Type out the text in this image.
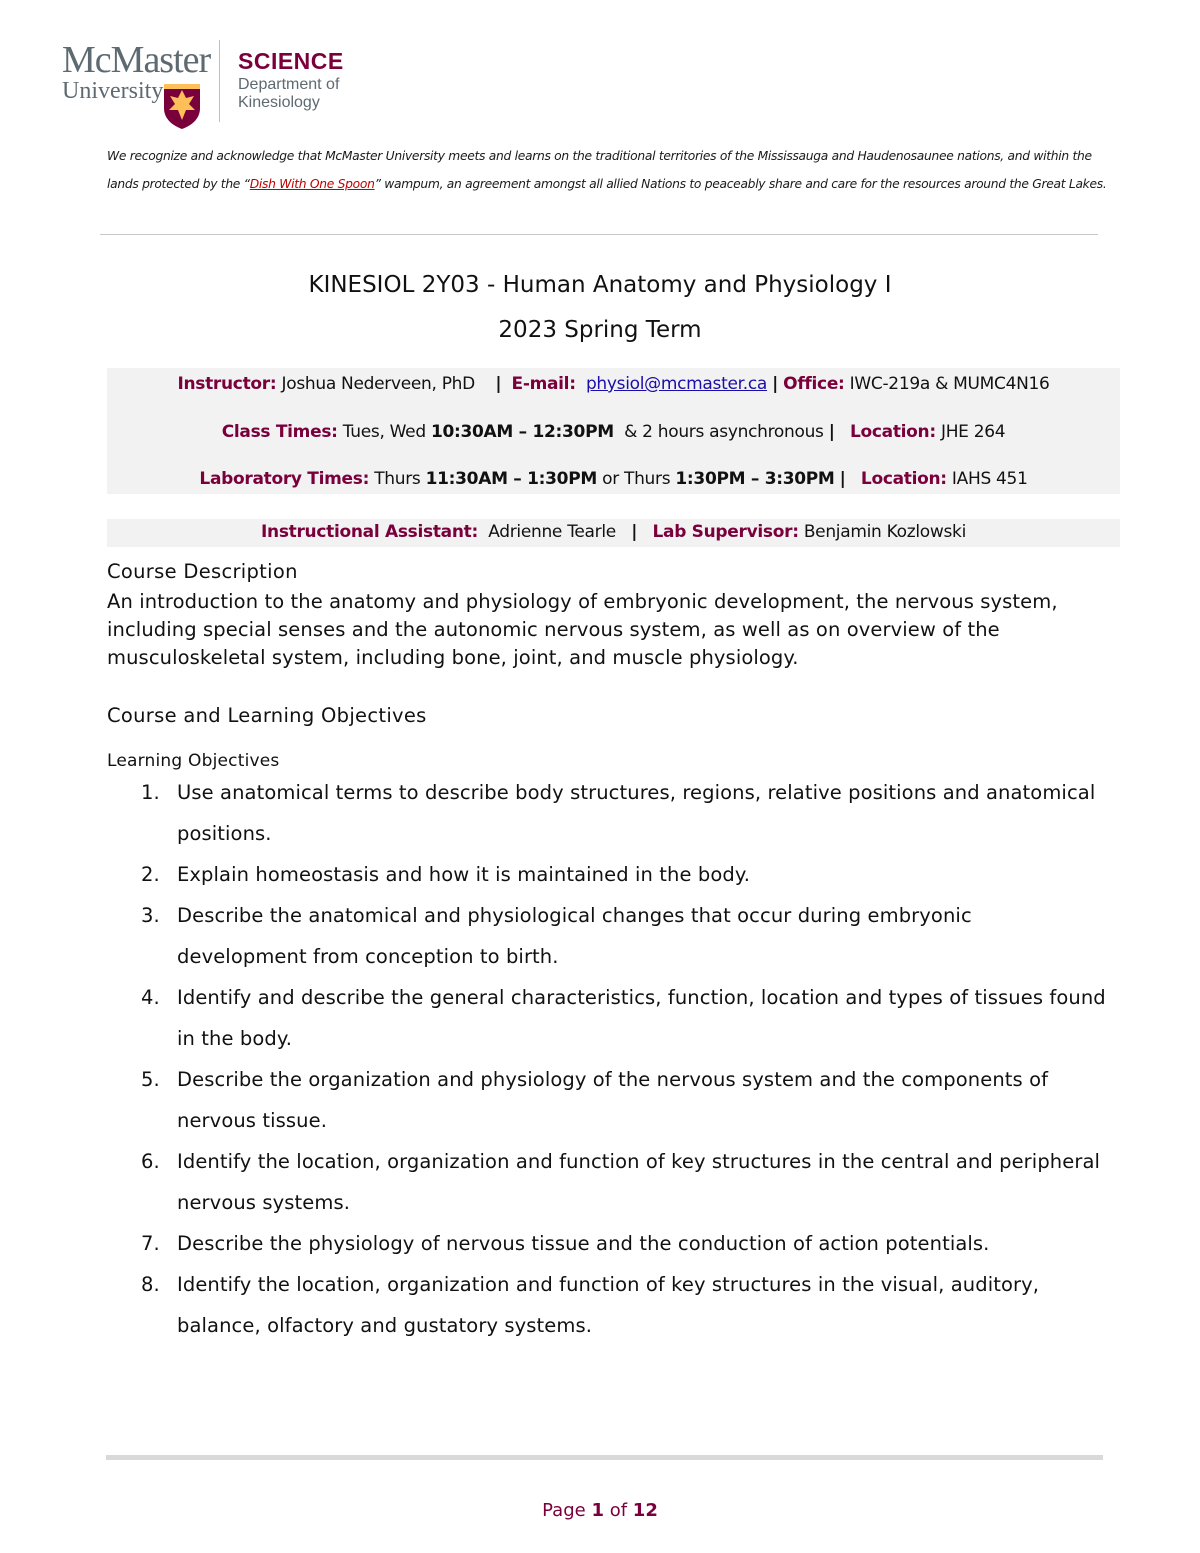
McMaster
University
SCIENCE
Department of Kinesiology
We recognize and acknowledge that McMaster University meets and learns on the traditional territories of the Mississauga and Haudenosaunee nations, and within the lands protected by the “Dish With One Spoon” wampum, an agreement amongst all allied Nations to peaceably share and care for the resources around the Great Lakes.
KINESIOL 2Y03 - Human Anatomy and Physiology I
2023 Spring Term
Instructor: Joshua Nederveen, PhD | E-mail: physiol@mcmaster.ca | Office: IWC-219a & MUMC4N16
Class Times: Tues, Wed 10:30AM – 12:30PM & 2 hours asynchronous | Location: JHE 264
Laboratory Times: Thurs 11:30AM – 1:30PM or Thurs 1:30PM – 3:30PM | Location: IAHS 451
Instructional Assistant: Adrienne Tearle | Lab Supervisor: Benjamin Kozlowski
Course Description
An introduction to the anatomy and physiology of embryonic development, the nervous system, including special senses and the autonomic nervous system, as well as on overview of the musculoskeletal system, including bone, joint, and muscle physiology.
Course and Learning Objectives
Learning Objectives
1. Use anatomical terms to describe body structures, regions, relative positions and anatomical positions.
2. Explain homeostasis and how it is maintained in the body.
3. Describe the anatomical and physiological changes that occur during embryonic development from conception to birth.
4. Identify and describe the general characteristics, function, location and types of tissues found in the body.
5. Describe the organization and physiology of the nervous system and the components of nervous tissue.
6. Identify the location, organization and function of key structures in the central and peripheral nervous systems.
7. Describe the physiology of nervous tissue and the conduction of action potentials.
8. Identify the location, organization and function of key structures in the visual, auditory, balance, olfactory and gustatory systems.
Page 1 of 12
